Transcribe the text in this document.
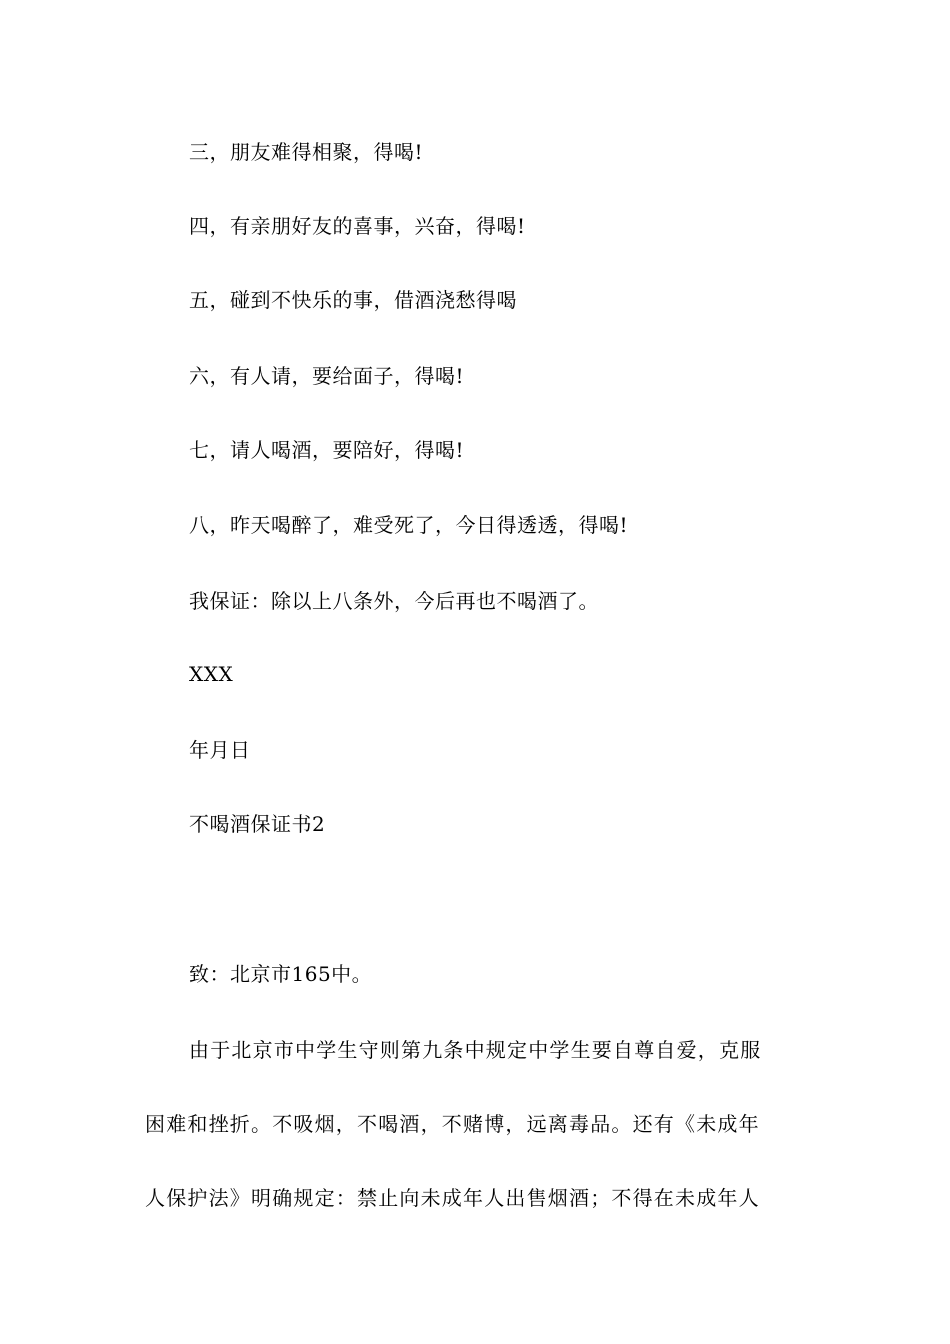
三，朋友难得相聚，得喝!
四，有亲朋好友的喜事，兴奋，得喝!
五，碰到不快乐的事，借酒浇愁得喝
六，有人请，要给面子，得喝!
七，请人喝酒，要陪好，得喝!
八，昨天喝醉了，难受死了，今日得透透，得喝!
我保证：除以上八条外，今后再也不喝酒了。
XXX
年月日
不喝酒保证书2
致：北京市165中。
由于北京市中学生守则第九条中规定中学生要自尊自爱，克服
困难和挫折。不吸烟，不喝酒，不赌博，远离毒品。还有《未成年
人保护法》明确规定：禁止向未成年人出售烟酒；不得在未成年人
